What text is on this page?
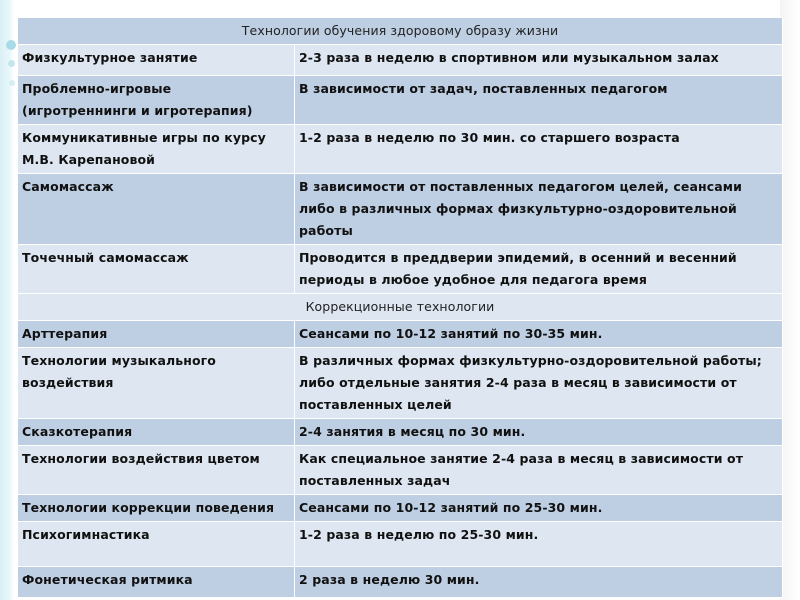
Технологии обучения здоровому образу жизни	
Физкультурное занятие	2-3 раза в неделю в спортивном или музыкальном залах
Проблемно-игровые (игротреннинги и игротерапия)	В зависимости от задач, поставленных педагогом
Коммуникативные игры по курсу М.В. Карепановой	1-2 раза в неделю по 30 мин. со старшего возраста
Самомассаж	В зависимости от поставленных педагогом целей, сеансами либо в различных формах физкультурно-оздоровительной работы
Точечный самомассаж	Проводится в преддверии эпидемий, в осенний и весенний периоды в любое удобное для педагога время
Коррекционные технологии	
Арттерапия	Сеансами по 10-12 занятий по 30-35 мин.
Технологии музыкального воздействия	В различных формах физкультурно-оздоровительной работы; либо отдельные занятия 2-4 раза в месяц в зависимости от поставленных целей
Сказкотерапия	2-4 занятия в месяц по 30 мин.
Технологии воздействия цветом	Как специальное занятие 2-4 раза в месяц в зависимости от поставленных задач
Технологии коррекции поведения	Сеансами по 10-12 занятий по 25-30 мин.
Психогимнастика	1-2 раза в неделю по 25-30 мин.
Фонетическая ритмика	2 раза в неделю 30 мин.
